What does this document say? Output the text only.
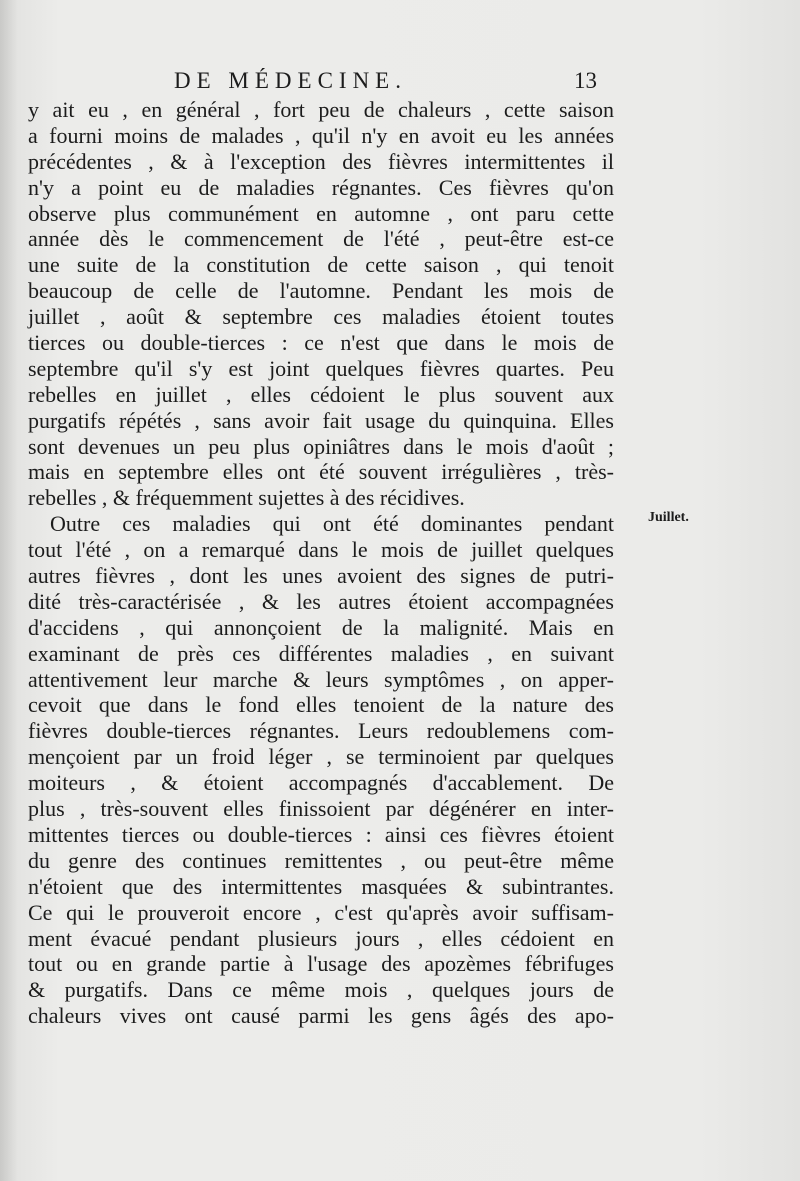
DE MÉDECINE.	13
y ait eu , en général , fort peu de chaleurs , cette saison
a fourni moins de malades , qu'il n'y en avoit eu les années
précédentes , & à l'exception des fièvres intermittentes il
n'y a point eu de maladies régnantes. Ces fièvres qu'on
observe plus communément en automne , ont paru cette
année dès le commencement de l'été , peut-être est-ce
une suite de la constitution de cette saison , qui tenoit
beaucoup de celle de l'automne. Pendant les mois de
juillet , août & septembre ces maladies étoient toutes
tierces ou double-tierces : ce n'est que dans le mois de
septembre qu'il s'y est joint quelques fièvres quartes. Peu
rebelles en juillet , elles cédoient le plus souvent aux
purgatifs répétés , sans avoir fait usage du quinquina. Elles
sont devenues un peu plus opiniâtres dans le mois d'août ;
mais en septembre elles ont été souvent irrégulières , très-
rebelles , & fréquemment sujettes à des récidives.
Outre ces maladies qui ont été dominantes pendant
tout l'été , on a remarqué dans le mois de juillet quelques
autres fièvres , dont les unes avoient des signes de putri-
dité très-caractérisée , & les autres étoient accompagnées
d'accidens , qui annonçoient de la malignité. Mais en
examinant de près ces différentes maladies , en suivant
attentivement leur marche & leurs symptômes , on apper-
cevoit que dans le fond elles tenoient de la nature des
fièvres double-tierces régnantes. Leurs redoublemens com-
mençoient par un froid léger , se terminoient par quelques
moiteurs , & étoient accompagnés d'accablement. De
plus , très-souvent elles finissoient par dégénérer en inter-
mittentes tierces ou double-tierces : ainsi ces fièvres étoient
du genre des continues remittentes , ou peut-être même
n'étoient que des intermittentes masquées & subintrantes.
Ce qui le prouveroit encore , c'est qu'après avoir suffisam-
ment évacué pendant plusieurs jours , elles cédoient en
tout ou en grande partie à l'usage des apozèmes fébrifuges
& purgatifs. Dans ce même mois , quelques jours de
chaleurs vives ont causé parmi les gens âgés des apo-
Juillet.
